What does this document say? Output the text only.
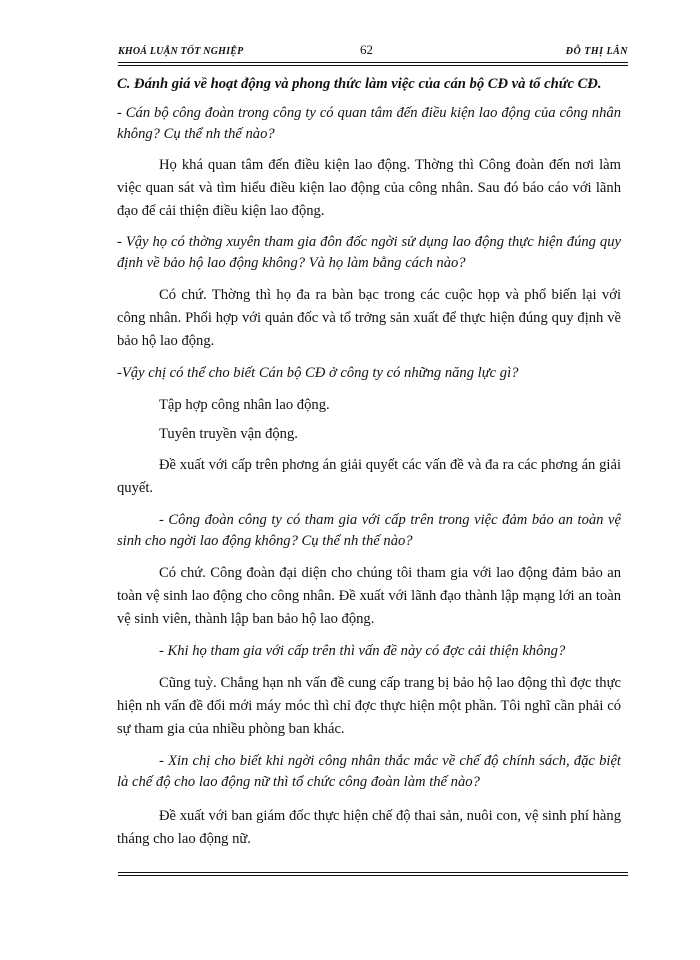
KHOÁ LUẬN TỐT NGHIỆP	62	ĐỖ THỊ LÂN

C. Đánh giá về hoạt động và phong thức làm việc của cán bộ CĐ và tổ chức CĐ.

- Cán bộ công đoàn trong công ty có quan tâm đến điều kiện lao động của công nhân không? Cụ thể nh thế nào?

Họ khá quan tâm đến điều kiện lao động. Thờng thì Công đoàn đến nơi làm việc quan sát và tìm hiểu điều kiện lao động của công nhân. Sau đó báo cáo với lãnh đạo để cải thiện điều kiện lao động.

- Vậy họ có thờng xuyên tham gia đôn đốc ngời sử dụng lao động thực hiện đúng quy định về bảo hộ lao động không? Và họ làm bằng cách nào?

Có chứ. Thờng thì họ đa ra bàn bạc trong các cuộc họp và phổ biến lại với công nhân. Phối hợp với quản đốc và tổ trởng sản xuất để thực hiện đúng quy định về bảo hộ lao động.

-Vậy chị có thể cho biết Cán bộ CĐ ở công ty có những năng lực gì?

Tập hợp công nhân lao động.

Tuyên truyền vận động.

Đề xuất với cấp trên phơng án giải quyết các vấn đề và đa ra các phơng án giải quyết.

- Công đoàn công ty có tham gia với cấp trên trong việc đảm bảo an toàn vệ sinh cho ngời lao động không? Cụ thể nh thế nào?

Có chứ. Công đoàn đại diện cho chúng tôi tham gia với lao động đảm bảo an toàn vệ sinh lao động cho công nhân. Đề xuất với lãnh đạo thành lập mạng lới an toàn vệ sinh viên, thành lập ban bảo hộ lao động.

- Khi họ tham gia với cấp trên thì vấn đề này có đợc cải thiện không?

Cũng tuỳ. Chẳng hạn nh vấn đề cung cấp trang bị bảo hộ lao động thì đợc thực hiện nh vấn đề đổi mới máy móc thì chỉ đợc thực hiện một phần. Tôi nghĩ cần phải có sự tham gia của nhiều phòng ban khác.

- Xin chị cho biết khi ngời công nhân thắc mắc về chế độ chính sách, đặc biệt là chế độ cho lao động nữ thì tổ chức công đoàn làm thế nào?

Đề xuất với ban giám đốc thực hiện chế độ thai sản, nuôi con, vệ sinh phí hàng tháng cho lao động nữ.
